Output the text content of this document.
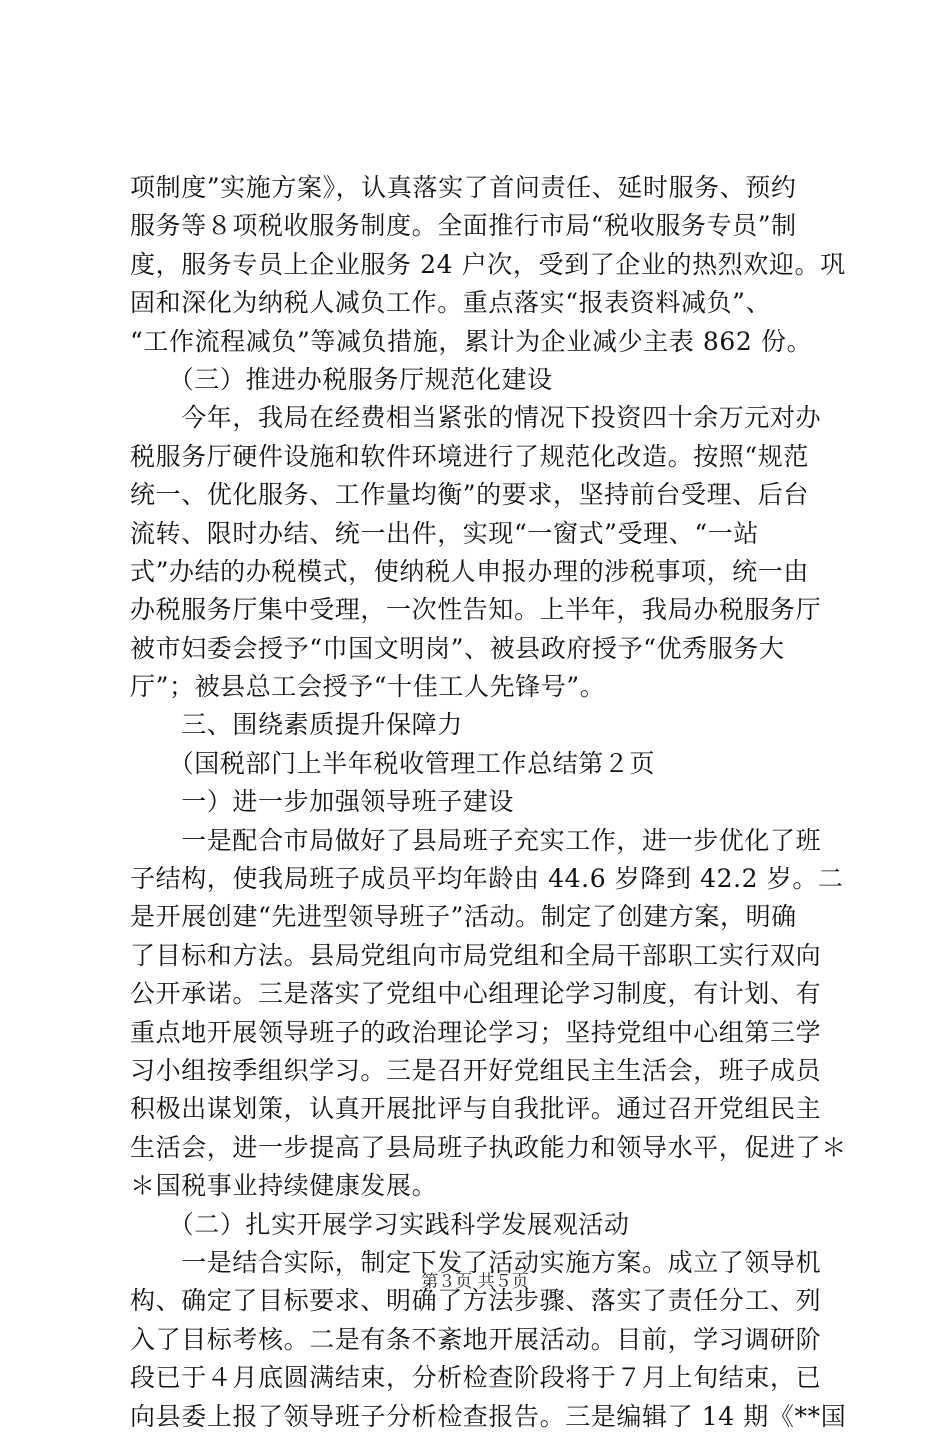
项制度”实施方案》，认真落实了首问责任、延时服务、预约
服务等８项税收服务制度。全面推行市局“税收服务专员”制
度，服务专员上企业服务 24 户次，受到了企业的热烈欢迎。巩
固和深化为纳税人减负工作。重点落实“报表资料减负”、
“工作流程减负”等减负措施，累计为企业减少主表 862 份。
　　（三）推进办税服务厅规范化建设
　　今年，我局在经费相当紧张的情况下投资四十余万元对办
税服务厅硬件设施和软件环境进行了规范化改造。按照“规范
统一、优化服务、工作量均衡”的要求，坚持前台受理、后台
流转、限时办结、统一出件，实现“一窗式”受理、“一站
式”办结的办税模式，使纳税人申报办理的涉税事项，统一由
办税服务厅集中受理，一次性告知。上半年，我局办税服务厅
被市妇委会授予“巾国文明岗”、被县政府授予“优秀服务大
厅”；被县总工会授予“十佳工人先锋号”。
　　三、围绕素质提升保障力
　　（国税部门上半年税收管理工作总结第２页
　　一）进一步加强领导班子建设
　　一是配合市局做好了县局班子充实工作，进一步优化了班
子结构，使我局班子成员平均年龄由 44.6 岁降到 42.2 岁。二
是开展创建“先进型领导班子”活动。制定了创建方案，明确
了目标和方法。县局党组向市局党组和全局干部职工实行双向
公开承诺。三是落实了党组中心组理论学习制度，有计划、有
重点地开展领导班子的政治理论学习；坚持党组中心组第三学
习小组按季组织学习。三是召开好党组民主生活会，班子成员
积极出谋划策，认真开展批评与自我批评。通过召开党组民主
生活会，进一步提高了县局班子执政能力和领导水平，促进了＊
＊国税事业持续健康发展。
　　（二）扎实开展学习实践科学发展观活动
　　一是结合实际，制定下发了活动实施方案。成立了领导机
构、确定了目标要求、明确了方法步骤、落实了责任分工、列
入了目标考核。二是有条不紊地开展活动。目前，学习调研阶
段已于４月底圆满结束，分析检查阶段将于７月上旬结束，已
向县委上报了领导班子分析检查报告。三是编辑了 14 期《**国
第３页 共５页
